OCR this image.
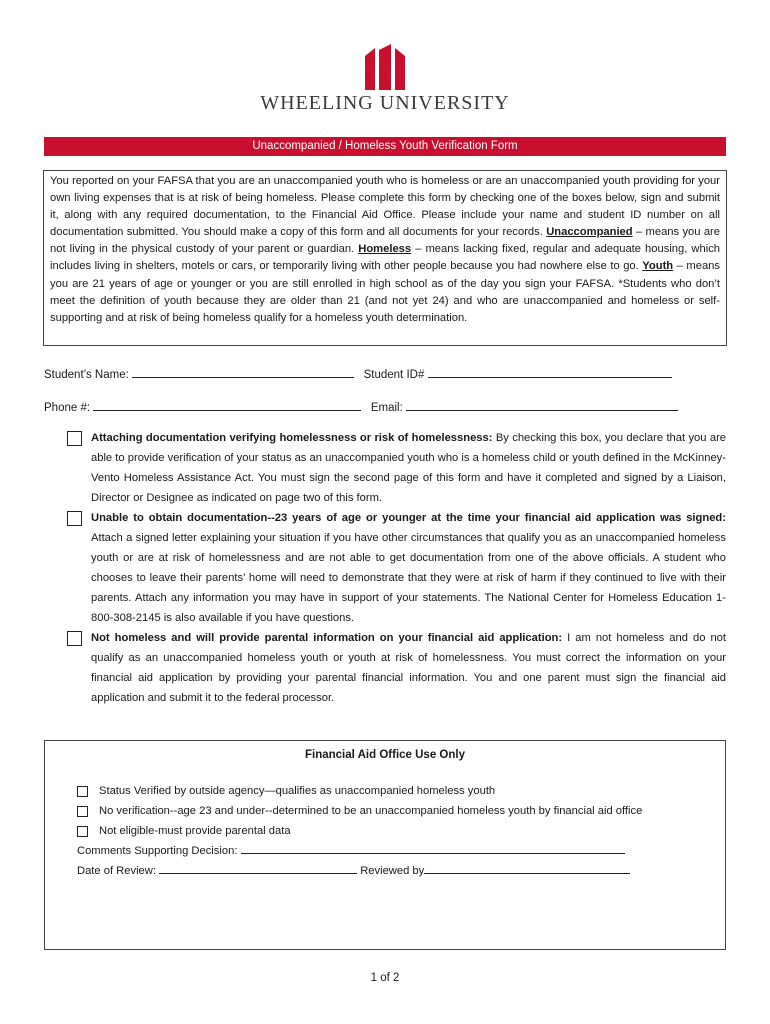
WHEELING UNIVERSITY
Unaccompanied / Homeless Youth Verification Form
You reported on your FAFSA that you are an unaccompanied youth who is homeless or are an unaccompanied youth providing for your own living expenses that is at risk of being homeless. Please complete this form by checking one of the boxes below, sign and submit it, along with any required documentation, to the Financial Aid Office. Please include your name and student ID number on all documentation submitted. You should make a copy of this form and all documents for your records. Unaccompanied – means you are not living in the physical custody of your parent or guardian. Homeless – means lacking fixed, regular and adequate housing, which includes living in shelters, motels or cars, or temporarily living with other people because you had nowhere else to go. Youth – means you are 21 years of age or younger or you are still enrolled in high school as of the day you sign your FAFSA. *Students who don’t meet the definition of youth because they are older than 21 (and not yet 24) and who are unaccompanied and homeless or self-supporting and at risk of being homeless qualify for a homeless youth determination.
Student’s Name:	Student ID#
Phone #:	Email:
Attaching documentation verifying homelessness or risk of homelessness: By checking this box, you declare that you are able to provide verification of your status as an unaccompanied youth who is a homeless child or youth defined in the McKinney-Vento Homeless Assistance Act. You must sign the second page of this form and have it completed and signed by a Liaison, Director or Designee as indicated on page two of this form.
Unable to obtain documentation--23 years of age or younger at the time your financial aid application was signed: Attach a signed letter explaining your situation if you have other circumstances that qualify you as an unaccompanied homeless youth or are at risk of homelessness and are not able to get documentation from one of the above officials. A student who chooses to leave their parents’ home will need to demonstrate that they were at risk of harm if they continued to live with their parents. Attach any information you may have in support of your statements. The National Center for Homeless Education 1-800-308-2145 is also available if you have questions.
Not homeless and will provide parental information on your financial aid application: I am not homeless and do not qualify as an unaccompanied homeless youth or youth at risk of homelessness. You must correct the information on your financial aid application by providing your parental financial information. You and one parent must sign the financial aid application and submit it to the federal processor.
Financial Aid Office Use Only
Status Verified by outside agency—qualifies as unaccompanied homeless youth
No verification--age 23 and under--determined to be an unaccompanied homeless youth by financial aid office
Not eligible-must provide parental data
Comments Supporting Decision:
Date of Review:	Reviewed by
1 of 2
